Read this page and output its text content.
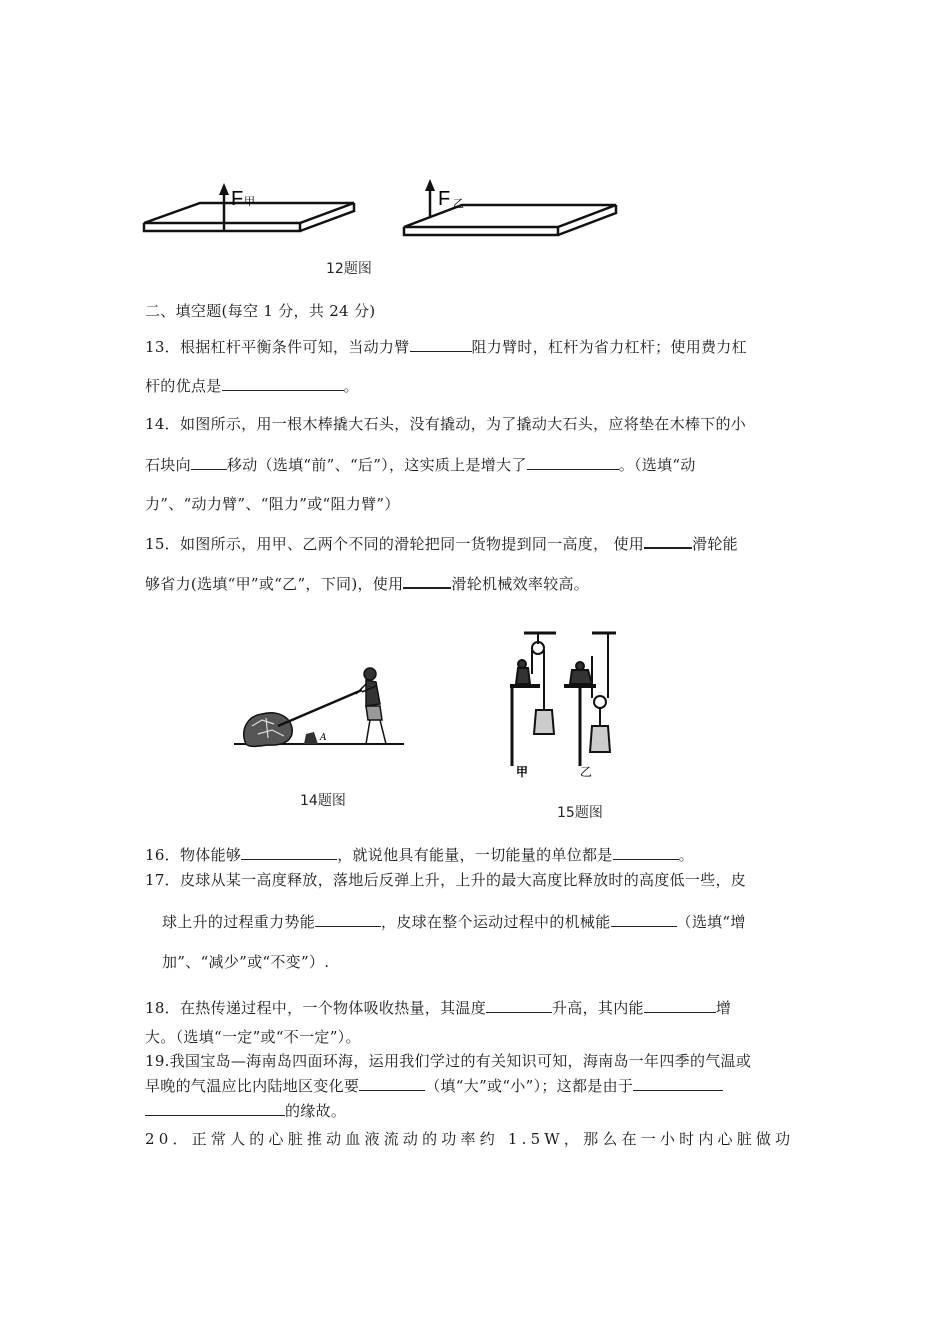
F 甲	F 乙
12题图
二、填空题(每空 1 分，共 24 分)
13．根据杠杆平衡条件可知，当动力臂	阻力臂时，杠杆为省力杠杆；使用费力杠
杆的优点是	。
14．如图所示，用一根木棒撬大石头，没有撬动，为了撬动大石头，应将垫在木棒下的小
石块向 移动（选填“前”、“后”），这实质上是增大了	。（选填“动
力”、“动力臂”、“阻力”或“阻力臂”）
15．如图所示，用甲、乙两个不同的滑轮把同一货物提到同一高度， 使用	滑轮能
够省力(选填“甲”或“乙”，下同)，使用	滑轮机械效率较高。
A
14题图
甲	乙
15题图
16．物体能够	，就说他具有能量，一切能量的单位都是	。
17．皮球从某一高度释放，落地后反弹上升，上升的最大高度比释放时的高度低一些，皮
球上升的过程重力势能	，皮球在整个运动过程中的机械能	（选填“增
加”、“减少”或“不变”）.
18．在热传递过程中，一个物体吸收热量，其温度	升高，其内能	增
大。（选填“一定”或“不一定”）。
19.我国宝岛—海南岛四面环海，运用我们学过的有关知识可知，海南岛一年四季的气温或
早晚的气温应比内陆地区变化要	（填“大”或“小”）；这都是由于
的缘故。
20．正常人的心脏推动血液流动的功率约 1.5W，那么在一小时内心脏做功
